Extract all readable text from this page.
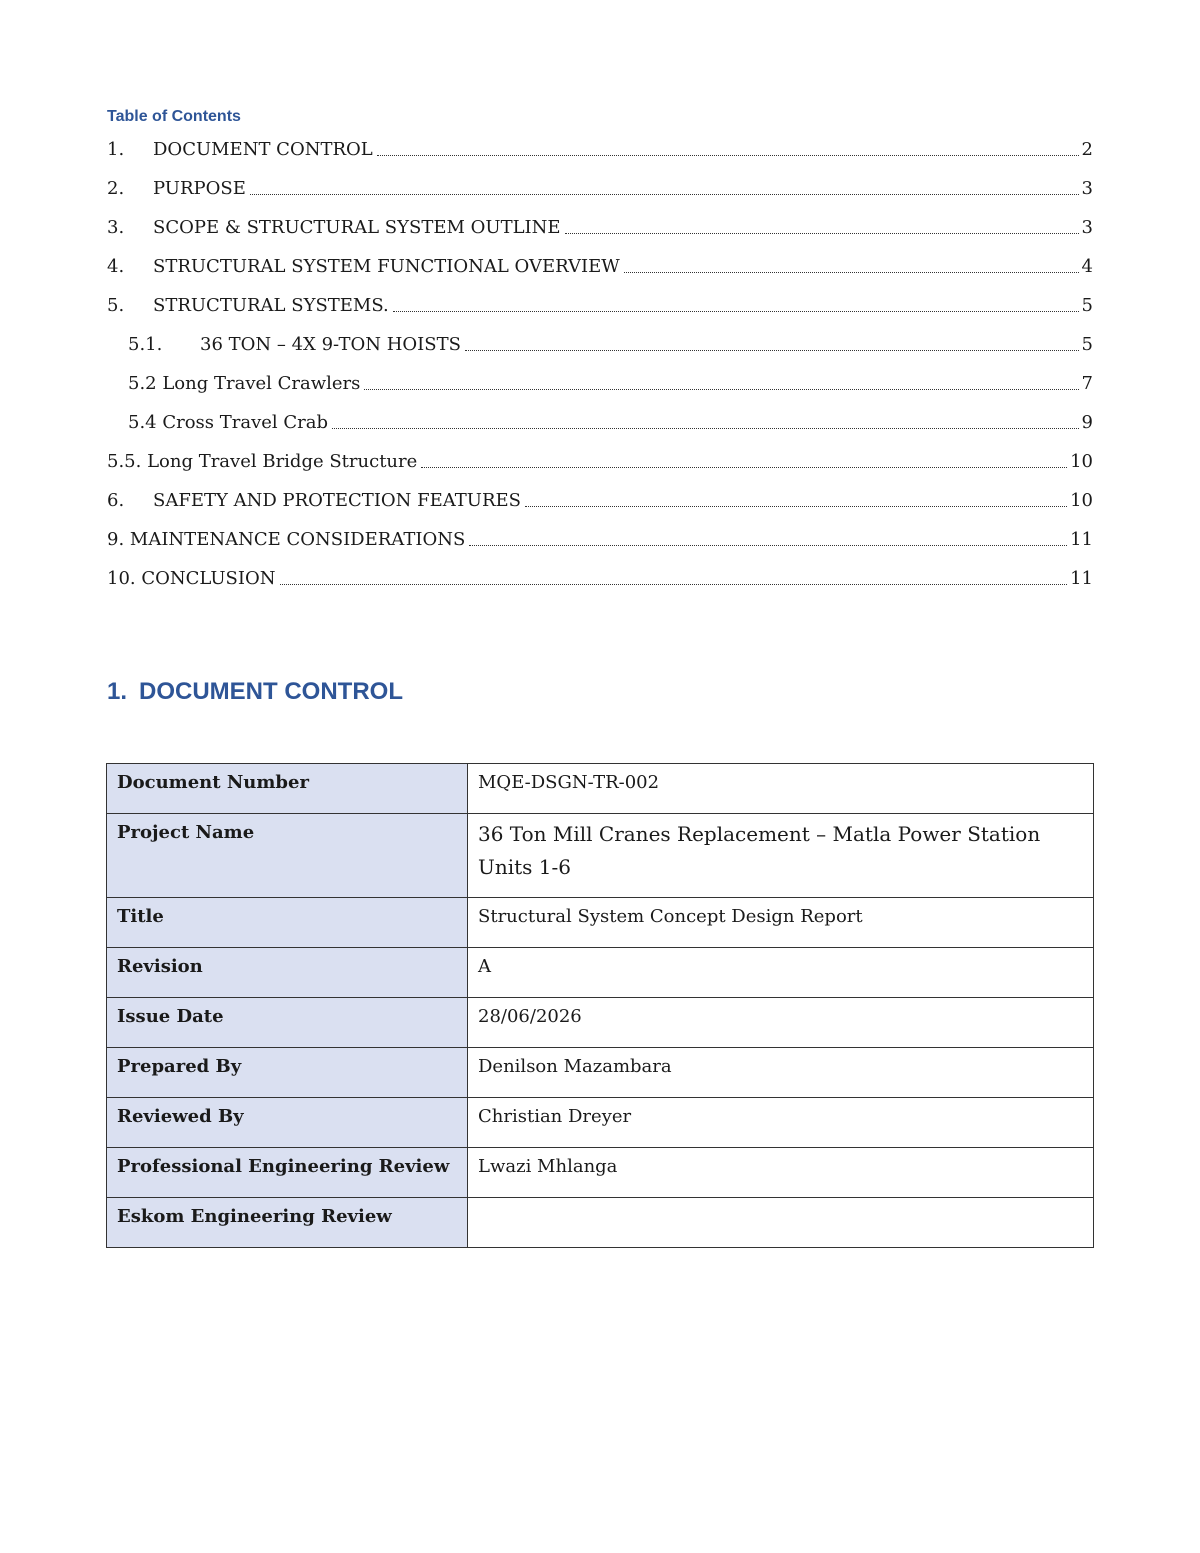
Table of Contents
1.	DOCUMENT CONTROL	2
2.	PURPOSE	3
3.	SCOPE & STRUCTURAL SYSTEM OUTLINE	3
4.	STRUCTURAL SYSTEM FUNCTIONAL OVERVIEW	4
5.	STRUCTURAL SYSTEMS.	5
5.1.	36 TON – 4X 9-TON HOISTS	5
5.2 Long Travel Crawlers	7
5.4 Cross Travel Crab	9
5.5. Long Travel Bridge Structure	10
6.	SAFETY AND PROTECTION FEATURES	10
9. MAINTENANCE CONSIDERATIONS	11
10. CONCLUSION	11
1. DOCUMENT CONTROL
Document Number	MQE-DSGN-TR-002
Project Name	36 Ton Mill Cranes Replacement – Matla Power Station Units 1-6
Title	Structural System Concept Design Report
Revision	A
Issue Date	28/06/2026
Prepared By	Denilson Mazambara
Reviewed By	Christian Dreyer
Professional Engineering Review	Lwazi Mhlanga
Eskom Engineering Review	
